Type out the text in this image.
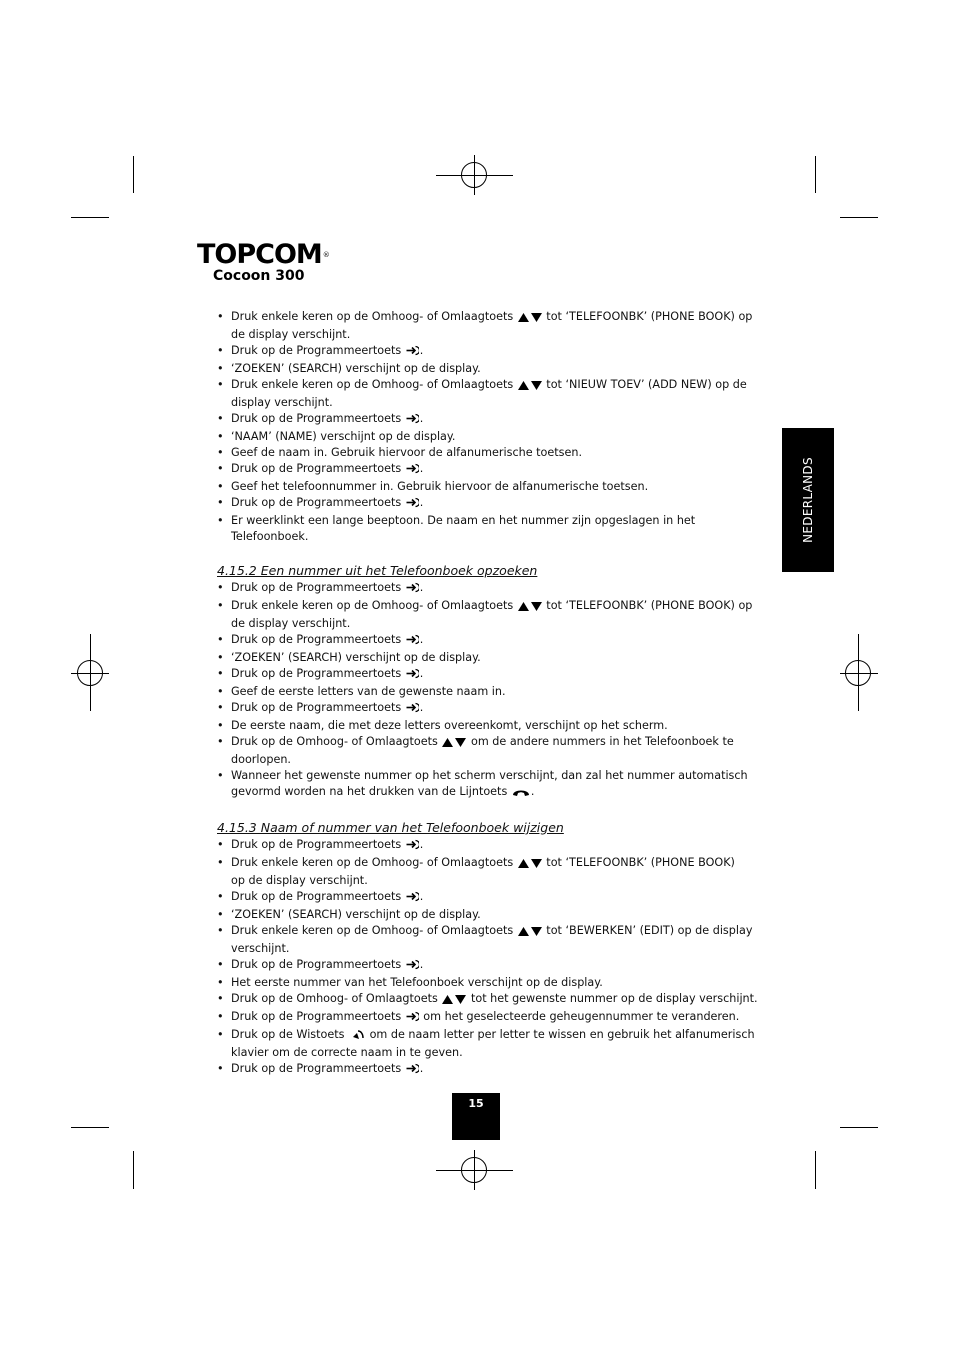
TOPCOM®
Cocoon 300
NEDERLANDS
• Druk enkele keren op de Omhoog- of Omlaagtoets  tot ‘TELEFOONBK’ (PHONE BOOK) op
de display verschijnt.
• Druk op de Programmeertoets .
• ‘ZOEKEN’ (SEARCH) verschijnt op de display.
• Druk enkele keren op de Omhoog- of Omlaagtoets  tot ‘NIEUW TOEV’ (ADD NEW) op de
display verschijnt.
• Druk op de Programmeertoets .
• ‘NAAM’ (NAME) verschijnt op de display.
• Geef de naam in. Gebruik hiervoor de alfanumerische toetsen.
• Druk op de Programmeertoets .
• Geef het telefoonnummer in. Gebruik hiervoor de alfanumerische toetsen.
• Druk op de Programmeertoets .
• Er weerklinkt een lange beeptoon. De naam en het nummer zijn opgeslagen in het
Telefoonboek.
4.15.2 Een nummer uit het Telefoonboek opzoeken
• Druk op de Programmeertoets .
• Druk enkele keren op de Omhoog- of Omlaagtoets  tot ‘TELEFOONBK’ (PHONE BOOK) op
de display verschijnt.
• Druk op de Programmeertoets .
• ‘ZOEKEN’ (SEARCH) verschijnt op de display.
• Druk op de Programmeertoets .
• Geef de eerste letters van de gewenste naam in.
• Druk op de Programmeertoets .
• De eerste naam, die met deze letters overeenkomt, verschijnt op het scherm.
• Druk op de Omhoog- of Omlaagtoets  om de andere nummers in het Telefoonboek te
doorlopen.
• Wanneer het gewenste nummer op het scherm verschijnt, dan zal het nummer automatisch
gevormd worden na het drukken van de Lijntoets .
4.15.3 Naam of nummer van het Telefoonboek wijzigen
• Druk op de Programmeertoets .
• Druk enkele keren op de Omhoog- of Omlaagtoets  tot ‘TELEFOONBK’ (PHONE BOOK)
op de display verschijnt.
• Druk op de Programmeertoets .
• ‘ZOEKEN’ (SEARCH) verschijnt op de display.
• Druk enkele keren op de Omhoog- of Omlaagtoets  tot ‘BEWERKEN’ (EDIT) op de display
verschijnt.
• Druk op de Programmeertoets .
• Het eerste nummer van het Telefoonboek verschijnt op de display.
• Druk op de Omhoog- of Omlaagtoets  tot het gewenste nummer op de display verschijnt.
• Druk op de Programmeertoets  om het geselecteerde geheugennummer te veranderen.
• Druk op de Wistoets  om de naam letter per letter te wissen en gebruik het alfanumerisch
klavier om de correcte naam in te geven.
• Druk op de Programmeertoets .
15
